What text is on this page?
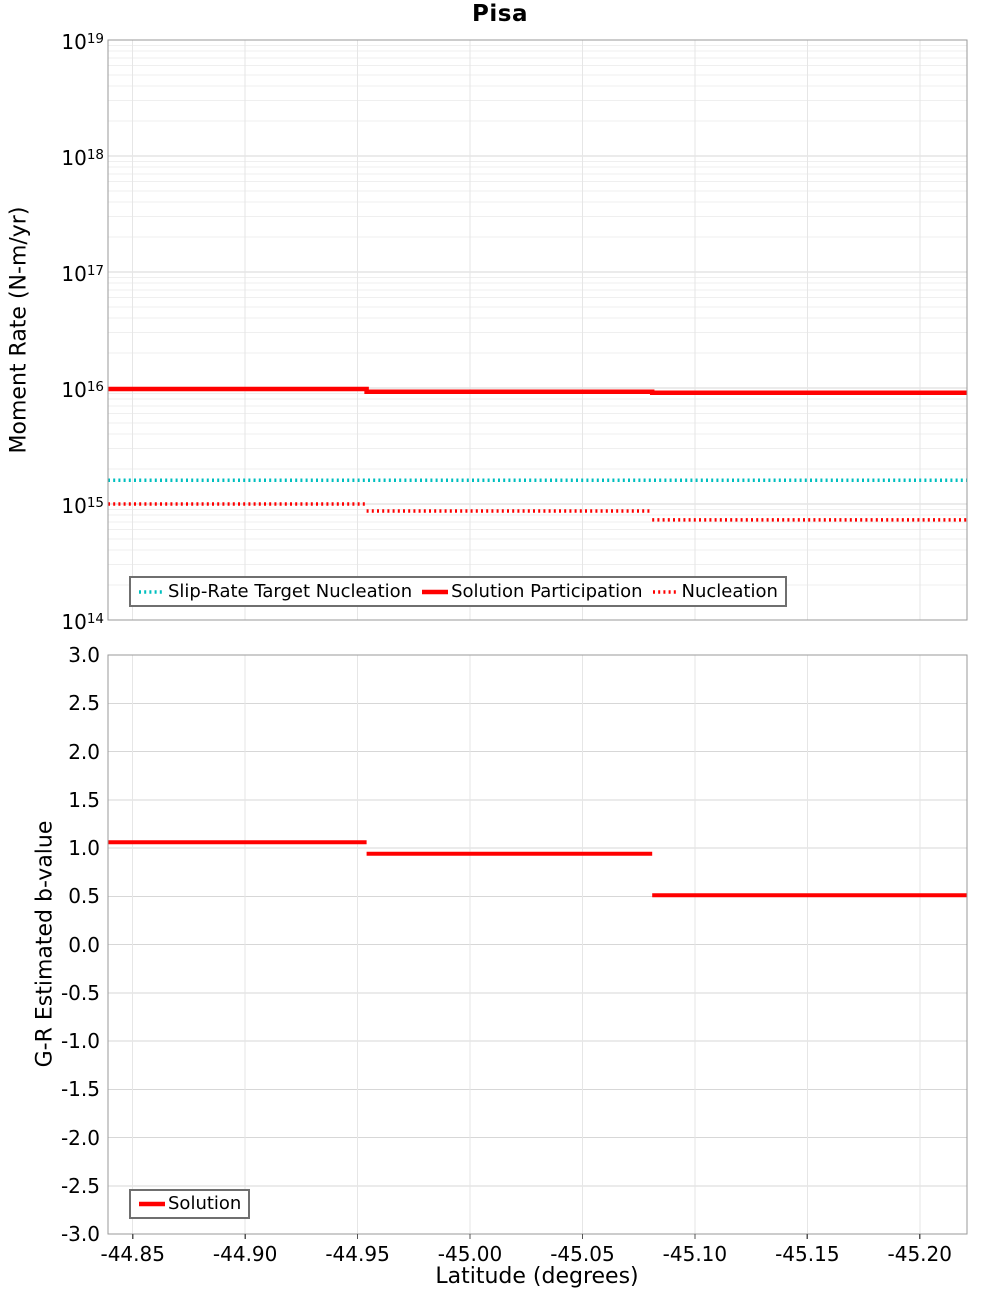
Pisa
Moment Rate (N-m/yr)
G-R Estimated b-value
Latitude (degrees)
$10^{19}$
$10^{18}$
$10^{17}$
$10^{16}$
$10^{15}$
$10^{14}$
-44.85	-44.90	-44.95	-45.00	-45.05	-45.10	-45.15	-45.20
3.0
2.5
2.0
1.5
1.0
0.5
0.0
-0.5
-1.0
-1.5
-2.0
-2.5
-3.0
Slip-Rate Target Nucleation Solution Participation Nucleation
Solution
